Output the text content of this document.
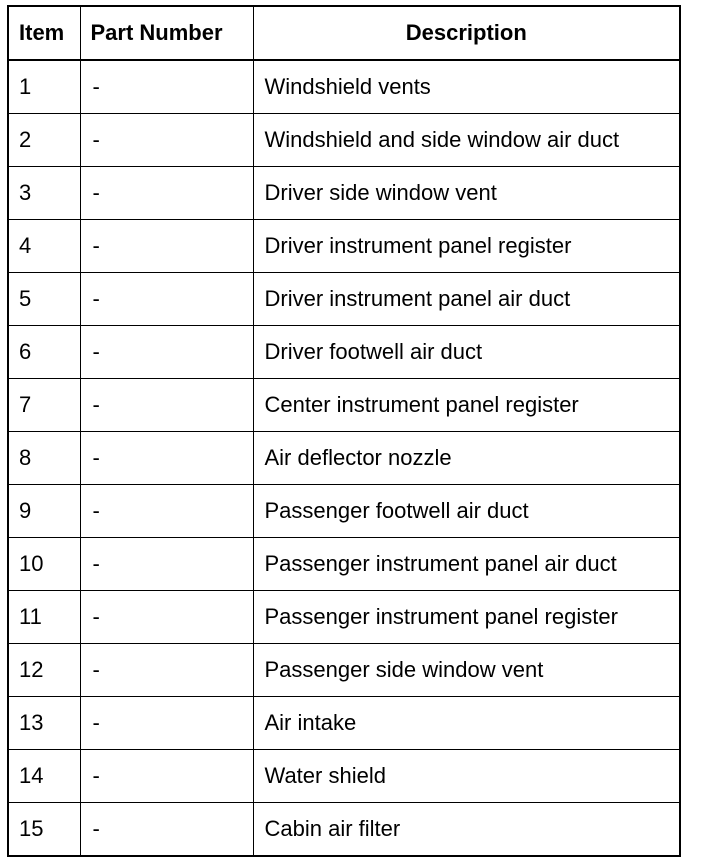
Item	Part Number	Description
1	-	Windshield vents
2	-	Windshield and side window air duct
3	-	Driver side window vent
4	-	Driver instrument panel register
5	-	Driver instrument panel air duct
6	-	Driver footwell air duct
7	-	Center instrument panel register
8	-	Air deflector nozzle
9	-	Passenger footwell air duct
10	-	Passenger instrument panel air duct
11	-	Passenger instrument panel register
12	-	Passenger side window vent
13	-	Air intake
14	-	Water shield
15	-	Cabin air filter
